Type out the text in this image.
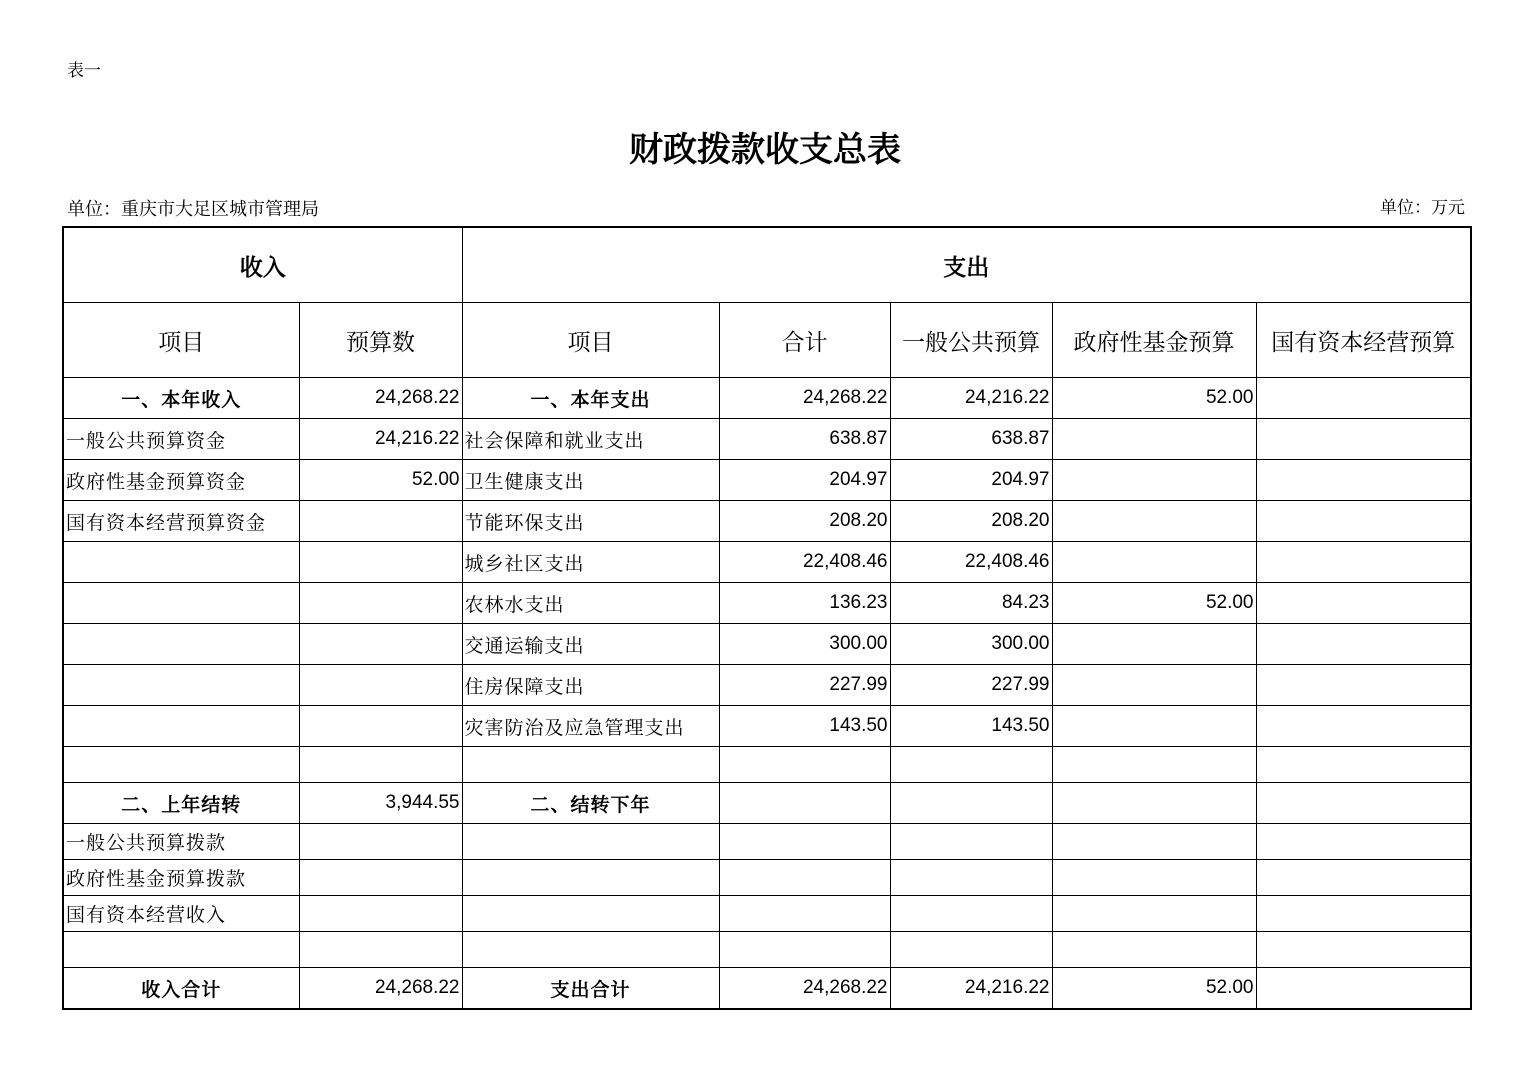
表一
财政拨款收支总表
单位：重庆市大足区城市管理局	单位：万元
收入		支出				
项目	预算数	项目	合计	一般公共预算	政府性基金预算	国有资本经营预算
一、本年收入	24,268.22	一、本年支出	24,268.22	24,216.22	52.00	
一般公共预算资金	24,216.22	社会保障和就业支出	638.87	638.87		
政府性基金预算资金	52.00	卫生健康支出	204.97	204.97		
国有资本经营预算资金		节能环保支出	208.20	208.20		
		城乡社区支出	22,408.46	22,408.46		
		农林水支出	136.23	84.23	52.00	
		交通运输支出	300.00	300.00		
		住房保障支出	227.99	227.99		
		灾害防治及应急管理支出	143.50	143.50		

二、上年结转	3,944.55	二、结转下年				
一般公共预算拨款						
政府性基金预算拨款						
国有资本经营收入						

收入合计	24,268.22	支出合计	24,268.22	24,216.22	52.00	
